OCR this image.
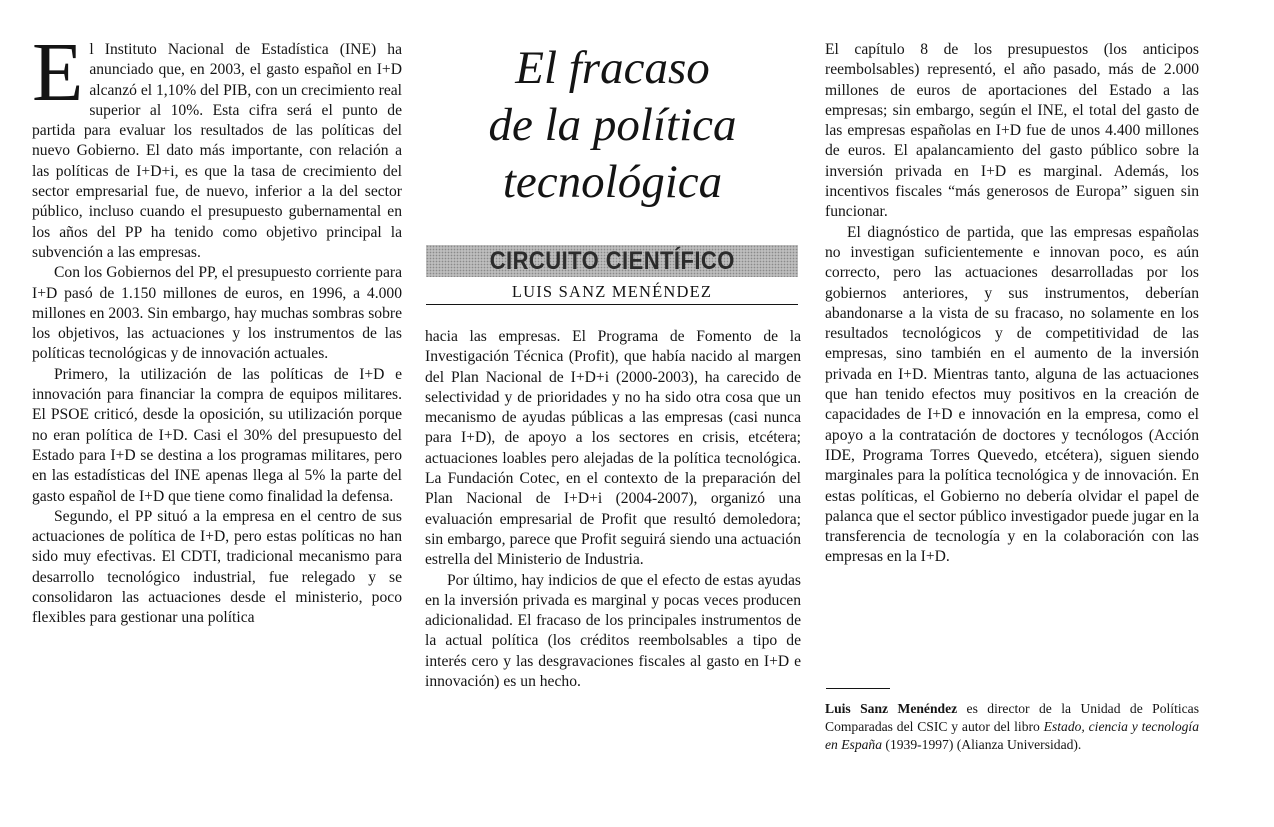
El Instituto Nacional de Estadística (INE) ha anunciado que, en 2003, el gasto español en I+D alcanzó el 1,10% del PIB, con un crecimiento real superior al 10%. Esta cifra será el punto de partida para evaluar los resultados de las políticas del nuevo Gobierno. El dato más importante, con relación a las políticas de I+D+i, es que la tasa de crecimiento del sector empresarial fue, de nuevo, inferior a la del sector público, incluso cuando el presupuesto gubernamental en los años del PP ha tenido como objetivo principal la subvención a las empresas.

Con los Gobiernos del PP, el presupuesto corriente para I+D pasó de 1.150 millones de euros, en 1996, a 4.000 millones en 2003. Sin embargo, hay muchas sombras sobre los objetivos, las actuaciones y los instrumentos de las políticas tecnológicas y de innovación actuales.

Primero, la utilización de las políticas de I+D e innovación para financiar la compra de equipos militares. El PSOE criticó, desde la oposición, su utilización porque no eran política de I+D. Casi el 30% del presupuesto del Estado para I+D se destina a los programas militares, pero en las estadísticas del INE apenas llega al 5% la parte del gasto español de I+D que tiene como finalidad la defensa.

Segundo, el PP situó a la empresa en el centro de sus actuaciones de política de I+D, pero estas políticas no han sido muy efectivas. El CDTI, tradicional mecanismo para desarrollo tecnológico industrial, fue relegado y se consolidaron las actuaciones desde el ministerio, poco flexibles para gestionar una política

El fracaso
de la política
tecnológica
CIRCUITO CIENTÍFICO
LUIS SANZ MENÉNDEZ

hacia las empresas. El Programa de Fomento de la Investigación Técnica (Profit), que había nacido al margen del Plan Nacional de I+D+i (2000-2003), ha carecido de selectividad y de prioridades y no ha sido otra cosa que un mecanismo de ayudas públicas a las empresas (casi nunca para I+D), de apoyo a los sectores en crisis, etcétera; actuaciones loables pero alejadas de la política tecnológica. La Fundación Cotec, en el contexto de la preparación del Plan Nacional de I+D+i (2004-2007), organizó una evaluación empresarial de Profit que resultó demoledora; sin embargo, parece que Profit seguirá siendo una actuación estrella del Ministerio de Industria.

Por último, hay indicios de que el efecto de estas ayudas en la inversión privada es marginal y pocas veces producen adicionalidad. El fracaso de los principales instrumentos de la actual política (los créditos reembolsables a tipo de interés cero y las desgravaciones fiscales al gasto en I+D e innovación) es un hecho.

El capítulo 8 de los presupuestos (los anticipos reembolsables) representó, el año pasado, más de 2.000 millones de euros de aportaciones del Estado a las empresas; sin embargo, según el INE, el total del gasto de las empresas españolas en I+D fue de unos 4.400 millones de euros. El apalancamiento del gasto público sobre la inversión privada en I+D es marginal. Además, los incentivos fiscales “más generosos de Europa” siguen sin funcionar.

El diagnóstico de partida, que las empresas españolas no investigan suficientemente e innovan poco, es aún correcto, pero las actuaciones desarrolladas por los gobiernos anteriores, y sus instrumentos, deberían abandonarse a la vista de su fracaso, no solamente en los resultados tecnológicos y de competitividad de las empresas, sino también en el aumento de la inversión privada en I+D. Mientras tanto, alguna de las actuaciones que han tenido efectos muy positivos en la creación de capacidades de I+D e innovación en la empresa, como el apoyo a la contratación de doctores y tecnólogos (Acción IDE, Programa Torres Quevedo, etcétera), siguen siendo marginales para la política tecnológica y de innovación. En estas políticas, el Gobierno no debería olvidar el papel de palanca que el sector público investigador puede jugar en la transferencia de tecnología y en la colaboración con las empresas en la I+D.

Luis Sanz Menéndez es director de la Unidad de Políticas Comparadas del CSIC y autor del libro Estado, ciencia y tecnología en España (1939-1997) (Alianza Universidad).
